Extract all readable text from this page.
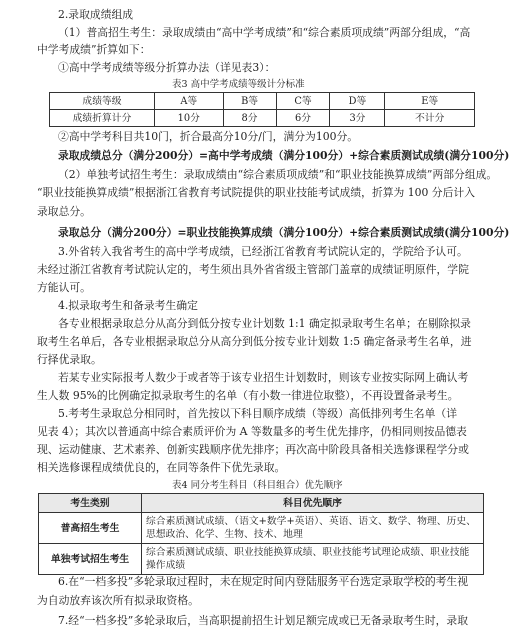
2.录取成绩组成
（1）普高招生考生：录取成绩由“高中学考成绩”和“综合素质项成绩”两部分组成，“高
中学考成绩”折算如下：
①高中学考成绩等级分折算办法（详见表3）：
表3 高中学考成绩等级计分标准
成绩等级	A等	B等	C等	D等	E等
成绩折算计分	10分	8分	6分	3分	不计分
②高中学考科目共10门，折合最高分10分/门，满分为100分。
录取成绩总分（满分200分）=高中学考成绩（满分100分）+综合素质测试成绩(满分100分)
（2）单独考试招生考生：录取成绩由“综合素质项成绩”和“职业技能换算成绩”两部分组成。
“职业技能换算成绩”根据浙江省教育考试院提供的职业技能考试成绩，折算为 100 分后计入
录取总分。
录取总分（满分200分）=职业技能换算成绩（满分100分）+综合素质测试成绩(满分100分)
3.外省转入我省考生的高中学考成绩，已经浙江省教育考试院认定的，学院给予认可。
未经过浙江省教育考试院认定的，考生须出具外省省级主管部门盖章的成绩证明原件，学院
方能认可。
4.拟录取考生和备录考生确定
各专业根据录取总分从高分到低分按专业计划数 1:1 确定拟录取考生名单；在剔除拟录
取考生名单后，各专业根据录取总分从高分到低分按专业计划数 1:5 确定备录考生名单，进
行择优录取。
若某专业实际报考人数少于或者等于该专业招生计划数时，则该专业按实际网上确认考
生人数 95%的比例确定拟录取考生的名单（有小数一律进位取整），不再设置备录考生。
5.考考生录取总分相同时，首先按以下科目顺序成绩（等级）高低排列考生名单（详
见表 4）；其次以普通高中综合素质评价为 A 等数量多的考生优先排序，仍相同则按品德表
现、运动健康、艺术素养、创新实践顺序优先排序；再次高中阶段具备相关选修课程学分或
相关选修课程成绩优良的，在同等条件下优先录取。
表4 同分考生科目（科目组合）优先顺序
考生类别	科目优先顺序
普高招生考生	综合素质测试成绩、（语文+数学+英语）、英语、语文、数学、物理、历史、思想政治、化学、生物、技术、地理
单独考试招生考生	综合素质测试成绩、职业技能换算成绩、职业技能考试理论成绩、职业技能操作成绩
6.在“一档多投”多轮录取过程时，未在规定时间内登陆服务平台选定录取学校的考生视
为自动放弃该次所有拟录取资格。
7.经“一档多投”多轮录取后，当高职提前招生计划足额完成或已无备录取考生时，录取
